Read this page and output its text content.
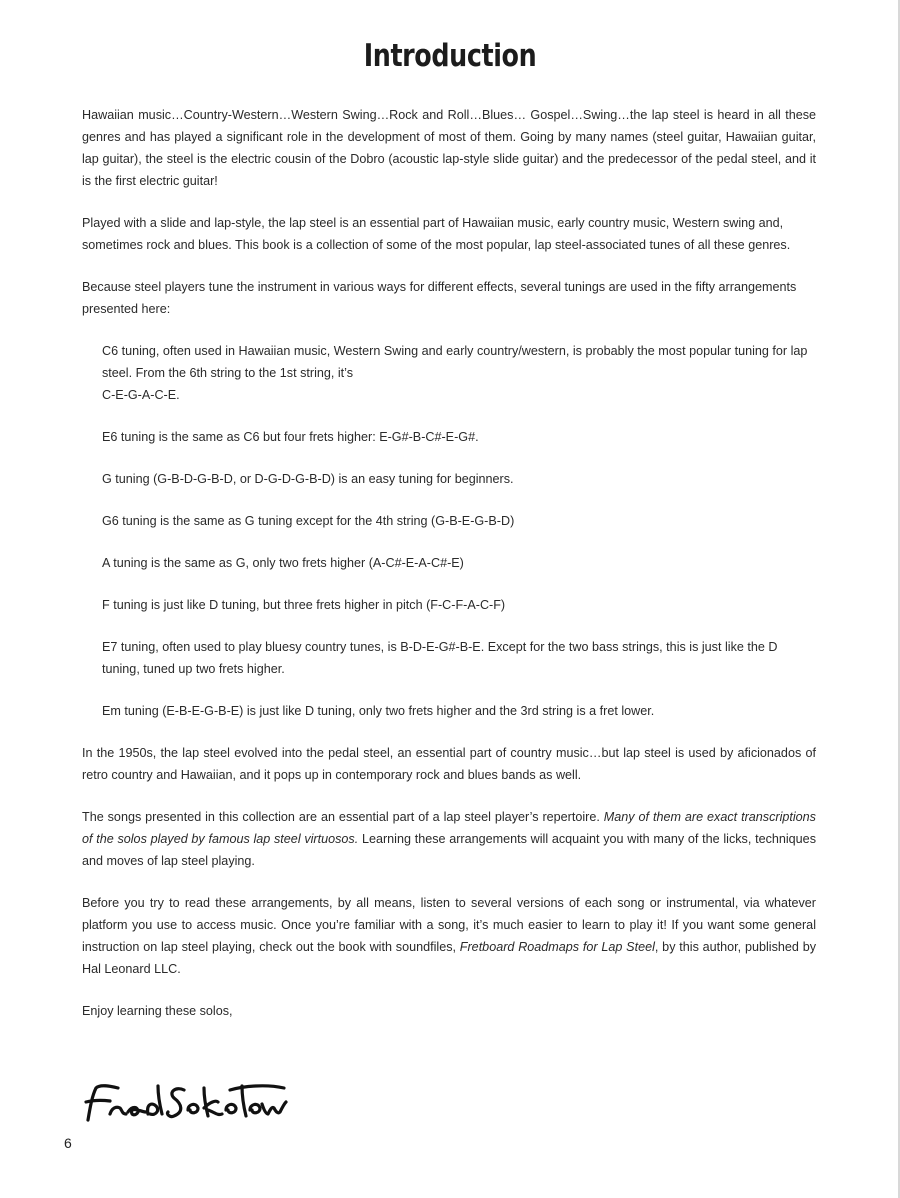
Introduction

Hawaiian music…Country-Western…Western Swing…Rock and Roll…Blues… Gospel…Swing…the lap steel is heard in all these genres and has played a significant role in the development of most of them. Going by many names (steel guitar, Hawaiian guitar, lap guitar), the steel is the electric cousin of the Dobro (acoustic lap-style slide guitar) and the predecessor of the pedal steel, and it is the first electric guitar!

Played with a slide and lap-style, the lap steel is an essential part of Hawaiian music, early country music, Western swing and, sometimes rock and blues. This book is a collection of some of the most popular, lap steel-associated tunes of all these genres.

Because steel players tune the instrument in various ways for different effects, several tunings are used in the fifty arrangements presented here:

C6 tuning, often used in Hawaiian music, Western Swing and early country/western, is probably the most popular tuning for lap steel. From the 6th string to the 1st string, it’s
C-E-G-A-C-E.

E6 tuning is the same as C6 but four frets higher: E-G#-B-C#-E-G#.

G tuning (G-B-D-G-B-D, or D-G-D-G-B-D) is an easy tuning for beginners.

G6 tuning is the same as G tuning except for the 4th string (G-B-E-G-B-D)

A tuning is the same as G, only two frets higher (A-C#-E-A-C#-E)

F tuning is just like D tuning, but three frets higher in pitch (F-C-F-A-C-F)

E7 tuning, often used to play bluesy country tunes, is B-D-E-G#-B-E. Except for the two bass strings, this is just like the D tuning, tuned up two frets higher.

Em tuning (E-B-E-G-B-E) is just like D tuning, only two frets higher and the 3rd string is a fret lower.

In the 1950s, the lap steel evolved into the pedal steel, an essential part of country music…but lap steel is used by aficionados of retro country and Hawaiian, and it pops up in contemporary rock and blues bands as well.

The songs presented in this collection are an essential part of a lap steel player’s repertoire. Many of them are exact transcriptions of the solos played by famous lap steel virtuosos. Learning these arrangements will acquaint you with many of the licks, techniques and moves of lap steel playing.

Before you try to read these arrangements, by all means, listen to several versions of each song or instrumental, via whatever platform you use to access music. Once you’re familiar with a song, it’s much easier to learn to play it! If you want some general instruction on lap steel playing, check out the book with soundfiles, Fretboard Roadmaps for Lap Steel, by this author, published by Hal Leonard LLC.

Enjoy learning these solos,

6
